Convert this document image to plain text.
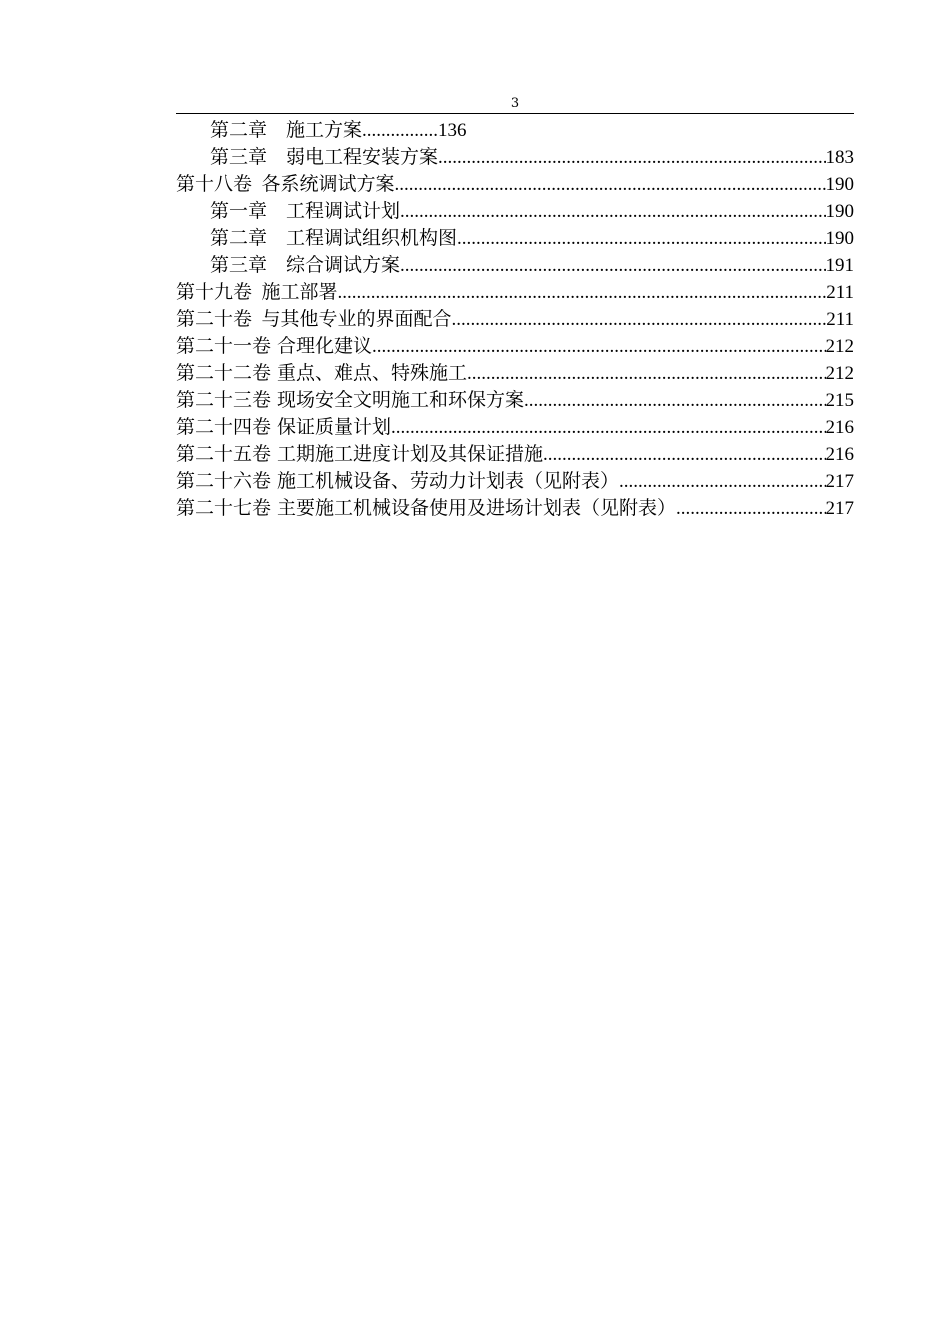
3
第二章　施工方案 .....	136
第三章　弱电工程安装方案 .....	183
第十八卷 各系统调试方案 .....	190
第一章　工程调试计划 .....	190
第二章　工程调试组织机构图 .....	190
第三章　综合调试方案 .....	191
第十九卷 施工部署 .....	211
第二十卷 与其他专业的界面配合 .....	211
第二十一卷 合理化建议 .....	212
第二十二卷 重点、难点、特殊施工 .....	212
第二十三卷 现场安全文明施工和环保方案 .....	215
第二十四卷 保证质量计划 .....	216
第二十五卷 工期施工进度计划及其保证措施 .....	216
第二十六卷 施工机械设备、劳动力计划表（见附表） .....	217
第二十七卷 主要施工机械设备使用及进场计划表（见附表） .....	217
